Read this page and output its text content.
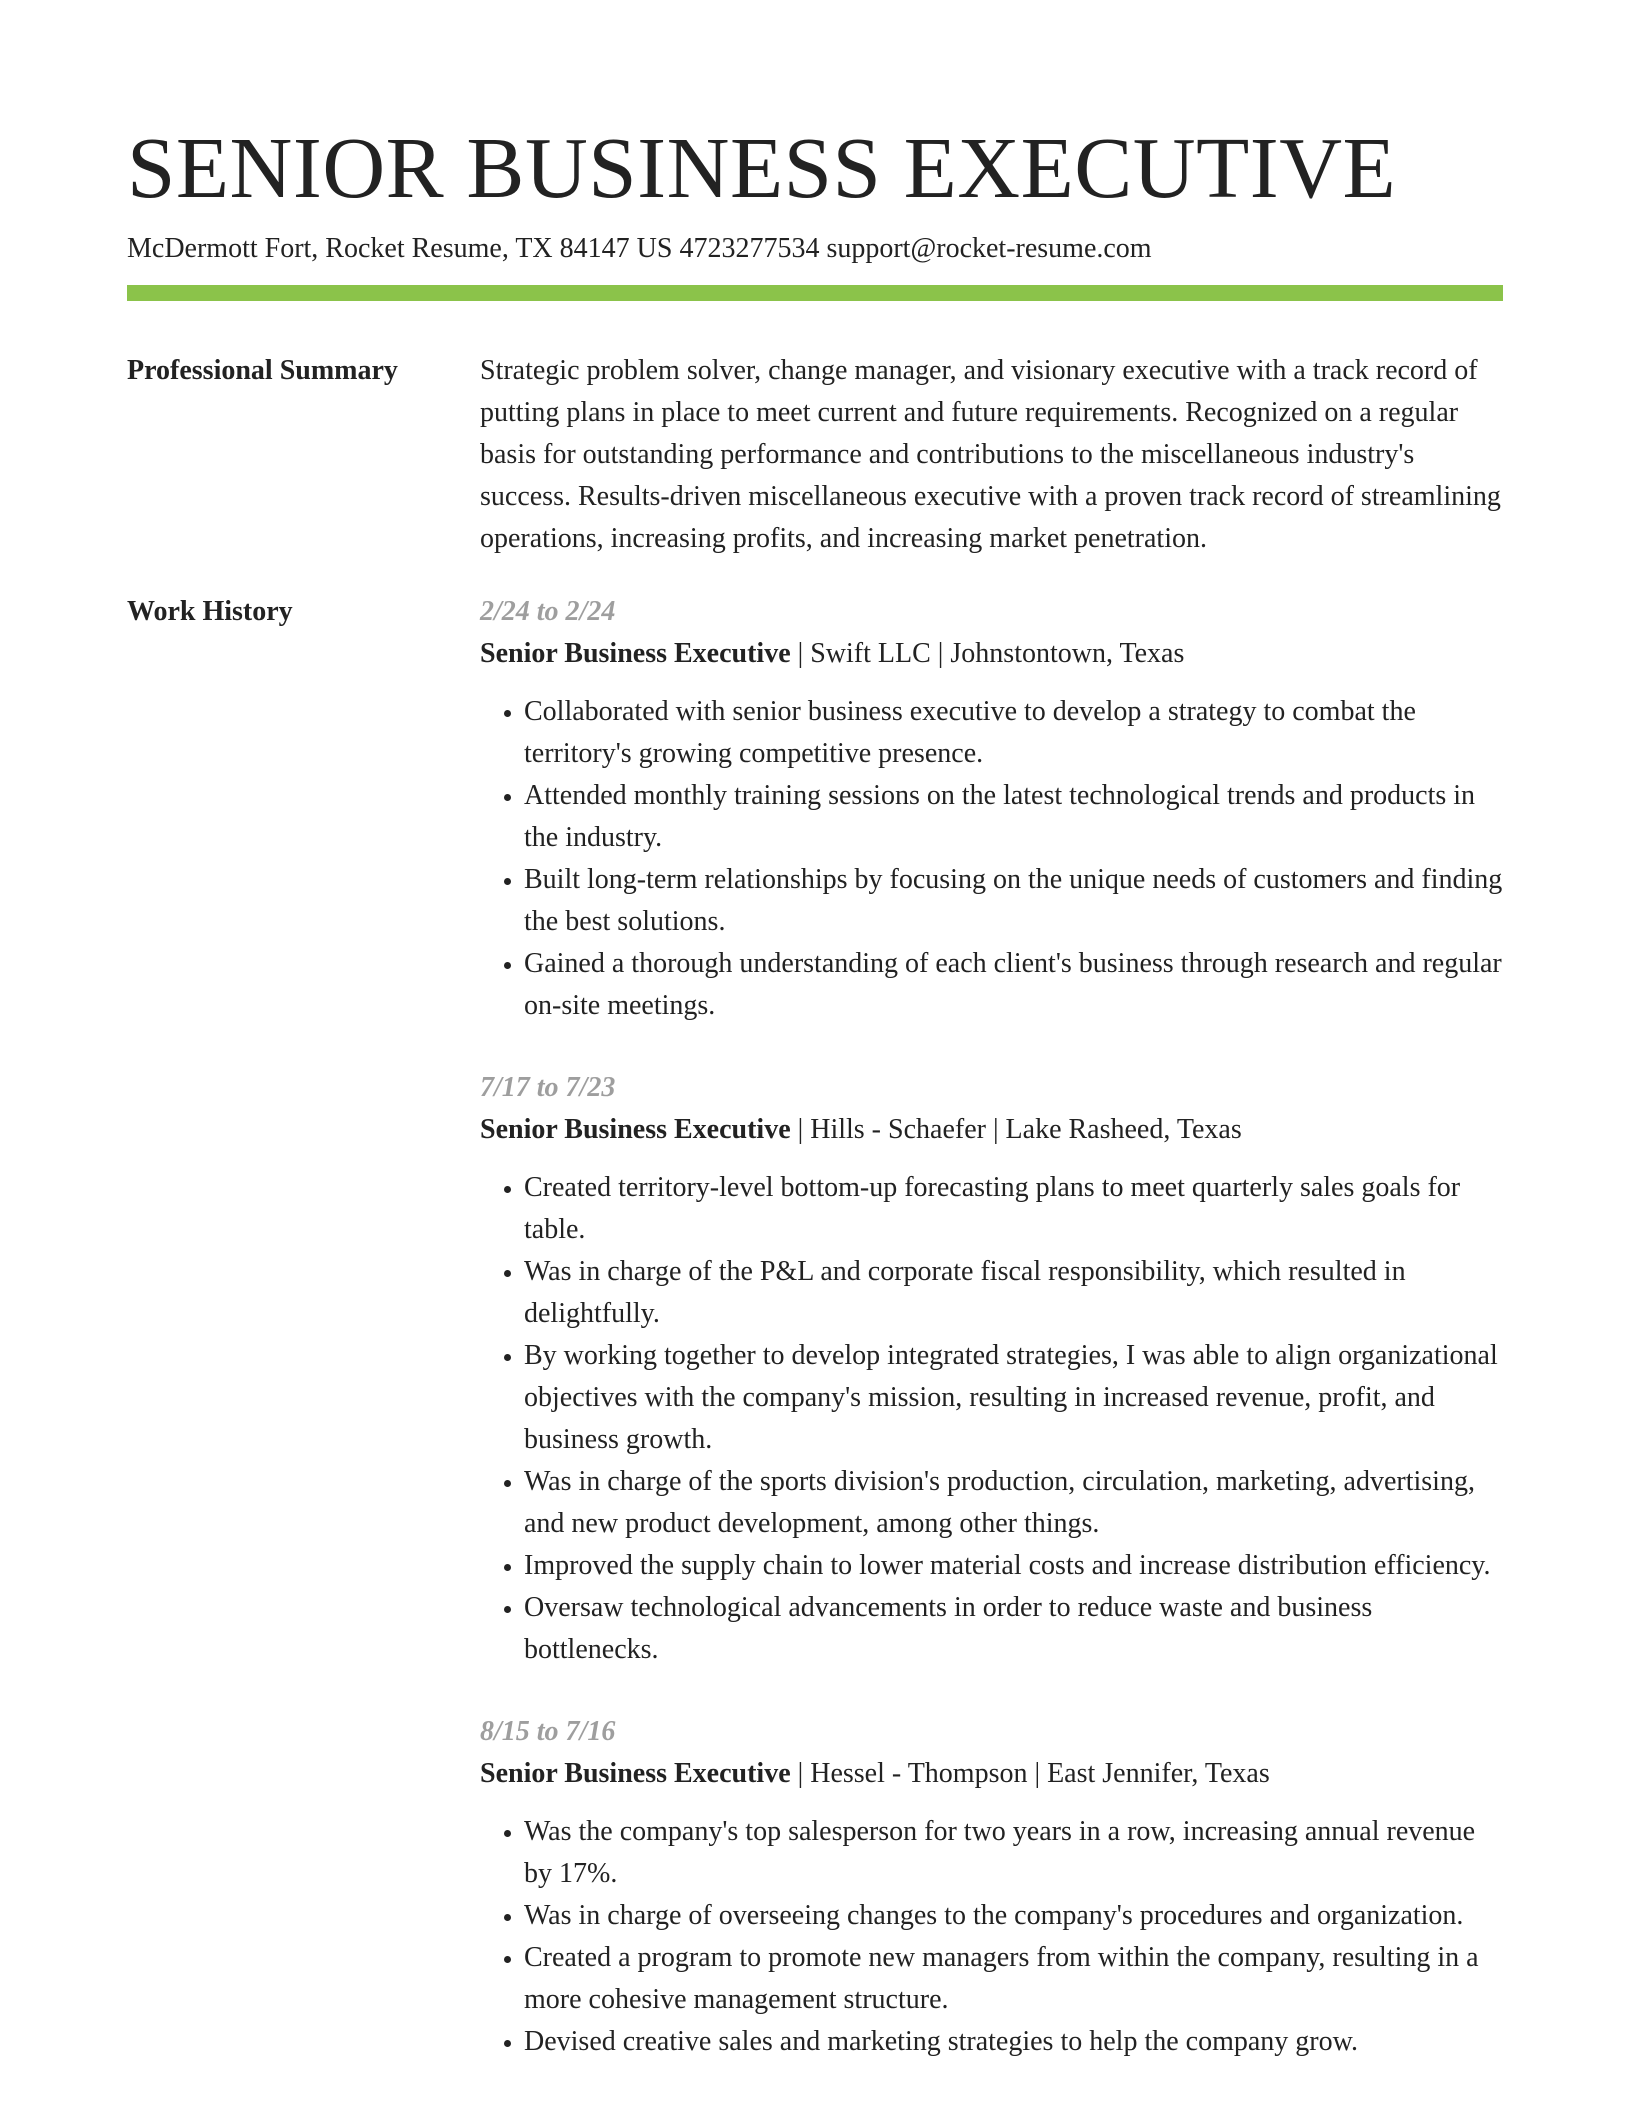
SENIOR BUSINESS EXECUTIVE
McDermott Fort, Rocket Resume, TX 84147 US 4723277534 support@rocket-resume.com
Professional Summary	Strategic problem solver, change manager, and visionary executive with a track record of putting plans in place to meet current and future requirements. Recognized on a regular basis for outstanding performance and contributions to the miscellaneous industry's success. Results-driven miscellaneous executive with a proven track record of streamlining operations, increasing profits, and increasing market penetration.

Work History	2/24 to 2/24
Senior Business Executive | Swift LLC | Johnstontown, Texas
• Collaborated with senior business executive to develop a strategy to combat the territory's growing competitive presence.
• Attended monthly training sessions on the latest technological trends and products in the industry.
• Built long-term relationships by focusing on the unique needs of customers and finding the best solutions.
• Gained a thorough understanding of each client's business through research and regular on-site meetings.
7/17 to 7/23
Senior Business Executive | Hills - Schaefer | Lake Rasheed, Texas
• Created territory-level bottom-up forecasting plans to meet quarterly sales goals for table.
• Was in charge of the P&L and corporate fiscal responsibility, which resulted in delightfully.
• By working together to develop integrated strategies, I was able to align organizational objectives with the company's mission, resulting in increased revenue, profit, and business growth.
• Was in charge of the sports division's production, circulation, marketing, advertising, and new product development, among other things.
• Improved the supply chain to lower material costs and increase distribution efficiency.
• Oversaw technological advancements in order to reduce waste and business bottlenecks.
8/15 to 7/16
Senior Business Executive | Hessel - Thompson | East Jennifer, Texas
• Was the company's top salesperson for two years in a row, increasing annual revenue by 17%.
• Was in charge of overseeing changes to the company's procedures and organization.
• Created a program to promote new managers from within the company, resulting in a more cohesive management structure.
• Devised creative sales and marketing strategies to help the company grow.
